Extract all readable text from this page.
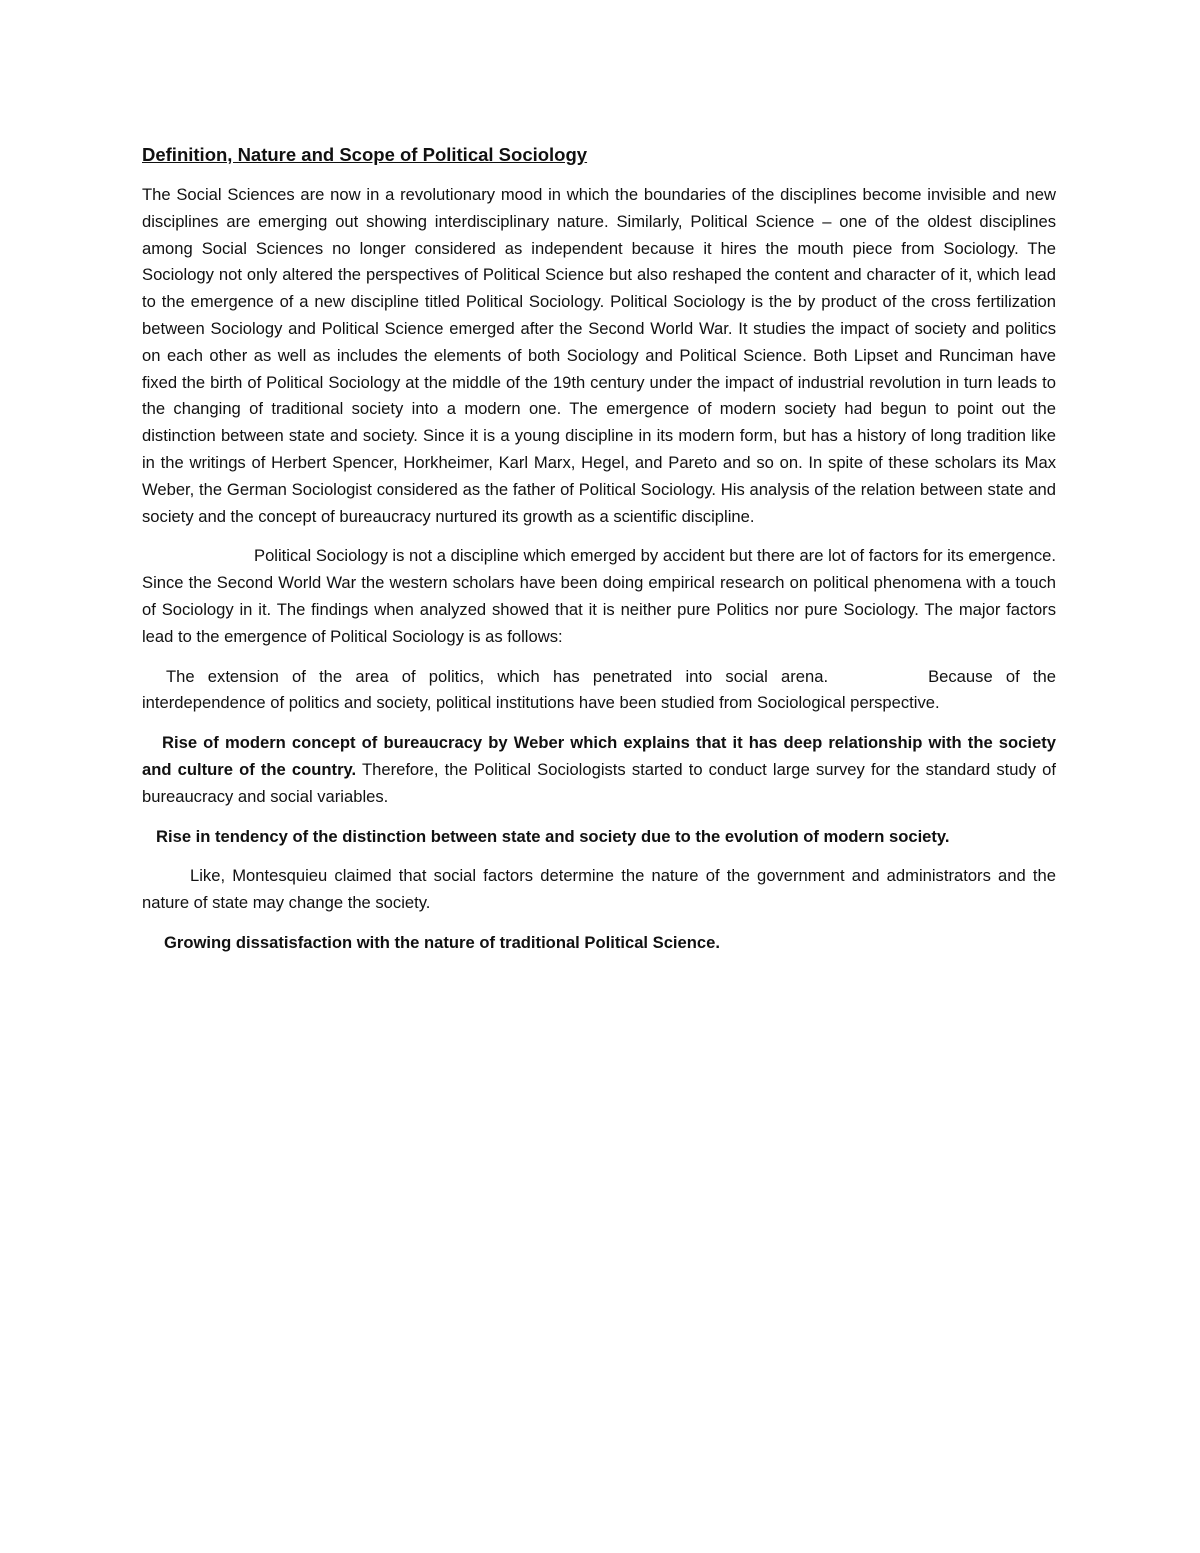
Definition, Nature and Scope of Political Sociology

The Social Sciences are now in a revolutionary mood in which the boundaries of the disciplines become invisible and new disciplines are emerging out showing interdisciplinary nature. Similarly, Political Science – one of the oldest disciplines among Social Sciences no longer considered as independent because it hires the mouth piece from Sociology. The Sociology not only altered the perspectives of Political Science but also reshaped the content and character of it, which lead to the emergence of a new discipline titled Political Sociology. Political Sociology is the by product of the cross fertilization between Sociology and Political Science emerged after the Second World War. It studies the impact of society and politics on each other as well as includes the elements of both Sociology and Political Science. Both Lipset and Runciman have fixed the birth of Political Sociology at the middle of the 19th century under the impact of industrial revolution in turn leads to the changing of traditional society into a modern one. The emergence of modern society had begun to point out the distinction between state and society. Since it is a young discipline in its modern form, but has a history of long tradition like in the writings of Herbert Spencer, Horkheimer, Karl Marx, Hegel, and Pareto and so on. In spite of these scholars its Max Weber, the German Sociologist considered as the father of Political Sociology. His analysis of the relation between state and society and the concept of bureaucracy nurtured its growth as a scientific discipline.

Political Sociology is not a discipline which emerged by accident but there are lot of factors for its emergence. Since the Second World War the western scholars have been doing empirical research on political phenomena with a touch of Sociology in it. The findings when analyzed showed that it is neither pure Politics nor pure Sociology. The major factors lead to the emergence of Political Sociology is as follows:

The extension of the area of politics, which has penetrated into social arena.	Because of the interdependence of politics and society, political institutions have been studied from Sociological perspective.

Rise of modern concept of bureaucracy by Weber which explains that it has deep relationship with the society and culture of the country. Therefore, the Political Sociologists started to conduct large survey for the standard study of bureaucracy and social variables.

Rise in tendency of the distinction between state and society due to the evolution of modern society.

Like, Montesquieu claimed that social factors determine the nature of the government and administrators and the nature of state may change the society.

Growing dissatisfaction with the nature of traditional Political Science.
